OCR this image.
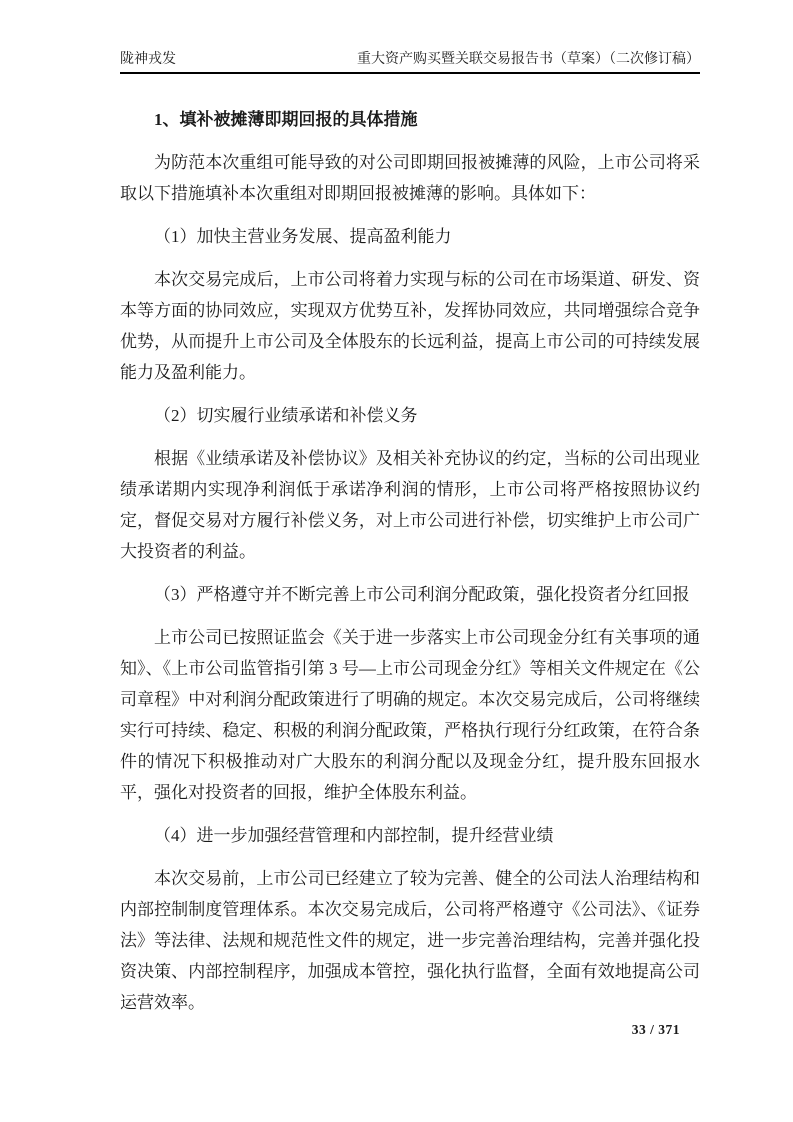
陇神戎发	重大资产购买暨关联交易报告书（草案）（二次修订稿）
1、填补被摊薄即期回报的具体措施
为防范本次重组可能导致的对公司即期回报被摊薄的风险，上市公司将采取以下措施填补本次重组对即期回报被摊薄的影响。具体如下：
（1）加快主营业务发展、提高盈利能力
本次交易完成后，上市公司将着力实现与标的公司在市场渠道、研发、资本等方面的协同效应，实现双方优势互补，发挥协同效应，共同增强综合竞争优势，从而提升上市公司及全体股东的长远利益，提高上市公司的可持续发展能力及盈利能力。
（2）切实履行业绩承诺和补偿义务
根据《业绩承诺及补偿协议》及相关补充协议的约定，当标的公司出现业绩承诺期内实现净利润低于承诺净利润的情形，上市公司将严格按照协议约定，督促交易对方履行补偿义务，对上市公司进行补偿，切实维护上市公司广大投资者的利益。
（3）严格遵守并不断完善上市公司利润分配政策，强化投资者分红回报
上市公司已按照证监会《关于进一步落实上市公司现金分红有关事项的通知》、《上市公司监管指引第 3 号—上市公司现金分红》等相关文件规定在《公司章程》中对利润分配政策进行了明确的规定。本次交易完成后，公司将继续实行可持续、稳定、积极的利润分配政策，严格执行现行分红政策，在符合条件的情况下积极推动对广大股东的利润分配以及现金分红，提升股东回报水平，强化对投资者的回报，维护全体股东利益。
（4）进一步加强经营管理和内部控制，提升经营业绩
本次交易前，上市公司已经建立了较为完善、健全的公司法人治理结构和内部控制制度管理体系。本次交易完成后，公司将严格遵守《公司法》、《证券法》等法律、法规和规范性文件的规定，进一步完善治理结构，完善并强化投资决策、内部控制程序，加强成本管控，强化执行监督，全面有效地提高公司运营效率。
33 / 371
